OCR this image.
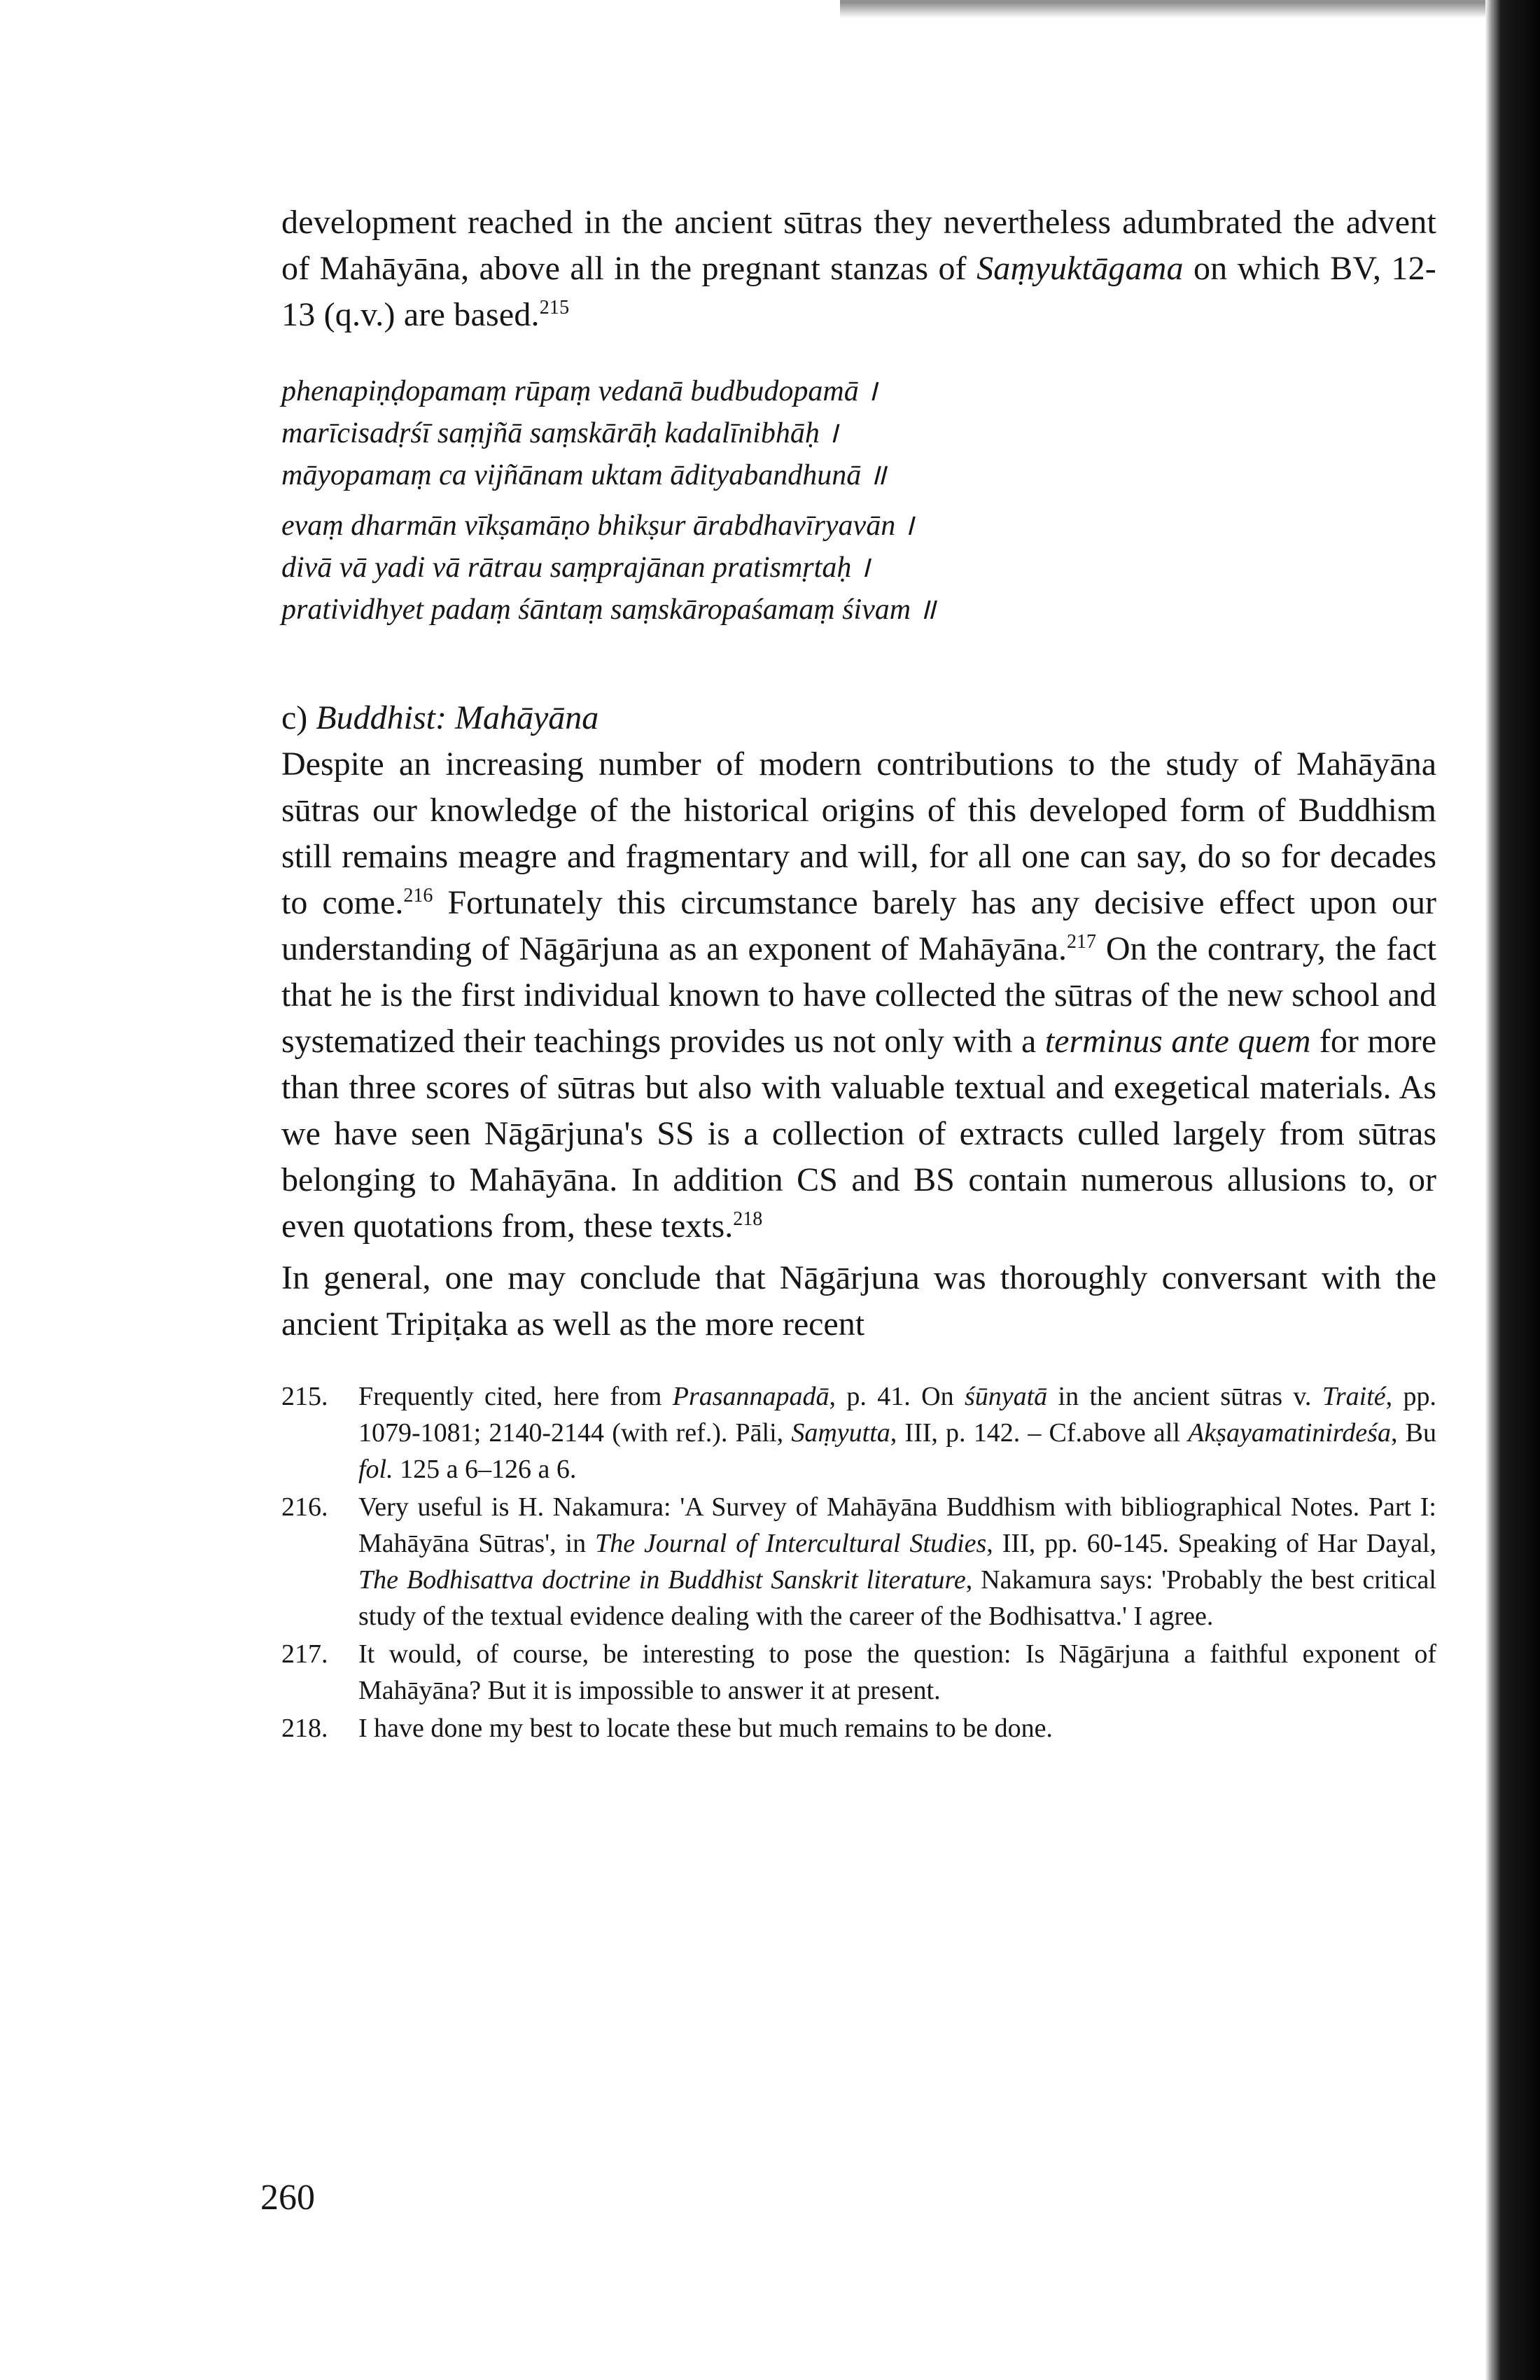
development reached in the ancient sūtras they nevertheless adumbrated the advent of Mahāyāna, above all in the pregnant stanzas of Saṃyuktāgama on which BV, 12-13 (q.v.) are based.$^{215}$

phenapiṇḍopamaṃ rūpaṃ vedanā budbudopamā ।
marīcisadṛśī saṃjñā saṃskārāḥ kadalīnibhāḥ ।
māyopamaṃ ca vijñānam uktam ādityabandhunā ॥
evaṃ dharmān vīkṣamāṇo bhikṣur ārabdhavīryavān ।
divā vā yadi vā rātrau saṃprajānan pratismṛtaḥ ।
pratividhyet padaṃ śāntaṃ saṃskāropaśamaṃ śivam ॥
c) Buddhist: Mahāyāna

Despite an increasing number of modern contributions to the study of Mahāyāna sūtras our knowledge of the historical origins of this developed form of Buddhism still remains meagre and fragmentary and will, for all one can say, do so for decades to come.$^{216}$ Fortunately this circumstance barely has any decisive effect upon our understanding of Nāgārjuna as an exponent of Mahāyāna.$^{217}$ On the contrary, the fact that he is the first individual known to have collected the sūtras of the new school and systematized their teachings provides us not only with a terminus ante quem for more than three scores of sūtras but also with valuable textual and exegetical materials. As we have seen Nāgārjuna's SS is a collection of extracts culled largely from sūtras belonging to Mahāyāna. In addition CS and BS contain numerous allusions to, or even quotations from, these texts.$^{218}$

In general, one may conclude that Nāgārjuna was thoroughly conversant with the ancient Tripiṭaka as well as the more recent

215.	Frequently cited, here from Prasannapadā, p. 41. On śūnyatā in the ancient sūtras v. Traité, pp. 1079-1081; 2140-2144 (with ref.). Pāli, Saṃyutta, III, p. 142. – Cf.above all Akṣayamatinirdeśa, Bu fol. 125 a 6–126 a 6.
216.	Very useful is H. Nakamura: 'A Survey of Mahāyāna Buddhism with bibliographical Notes. Part I: Mahāyāna Sūtras', in The Journal of Intercultural Studies, III, pp. 60-145. Speaking of Har Dayal, The Bodhisattva doctrine in Buddhist Sanskrit literature, Nakamura says: 'Probably the best critical study of the textual evidence dealing with the career of the Bodhisattva.' I agree.
217.	It would, of course, be interesting to pose the question: Is Nāgārjuna a faithful exponent of Mahāyāna? But it is impossible to answer it at present.
218.	I have done my best to locate these but much remains to be done.
260
